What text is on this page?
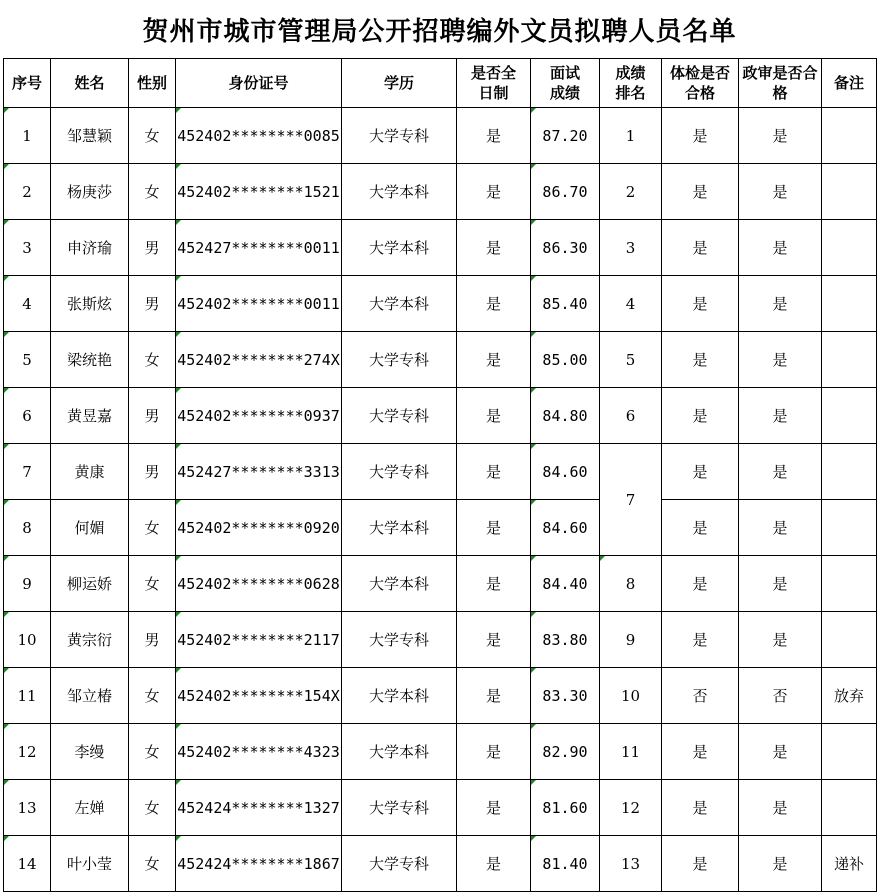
贺州市城市管理局公开招聘编外文员拟聘人员名单
序号	姓名	性别	身份证号	学历	是否全日制	面试成绩	成绩排名	体检是否合格	政审是否合格	备注
1	邹慧颖	女	452402********0085	大学专科	是	87.20	1	是	是	
2	杨庚莎	女	452402********1521	大学本科	是	86.70	2	是	是	
3	申济瑜	男	452427********0011	大学本科	是	86.30	3	是	是	
4	张斯炫	男	452402********0011	大学本科	是	85.40	4	是	是	
5	梁统艳	女	452402********274X	大学专科	是	85.00	5	是	是	
6	黄昱嘉	男	452402********0937	大学专科	是	84.80	6	是	是	
7	黄康	男	452427********3313	大学专科	是	84.60	7	是	是	
8	何媚	女	452402********0920	大学本科	是	84.60		是	是	
9	柳运娇	女	452402********0628	大学本科	是	84.40	8	是	是	
10	黄宗衍	男	452402********2117	大学专科	是	83.80	9	是	是	
11	邹立椿	女	452402********154X	大学本科	是	83.30	10	否	否	放弃
12	李缦	女	452402********4323	大学本科	是	82.90	11	是	是	
13	左婵	女	452424********1327	大学专科	是	81.60	12	是	是	
14	叶小莹	女	452424********1867	大学专科	是	81.40	13	是	是	递补
